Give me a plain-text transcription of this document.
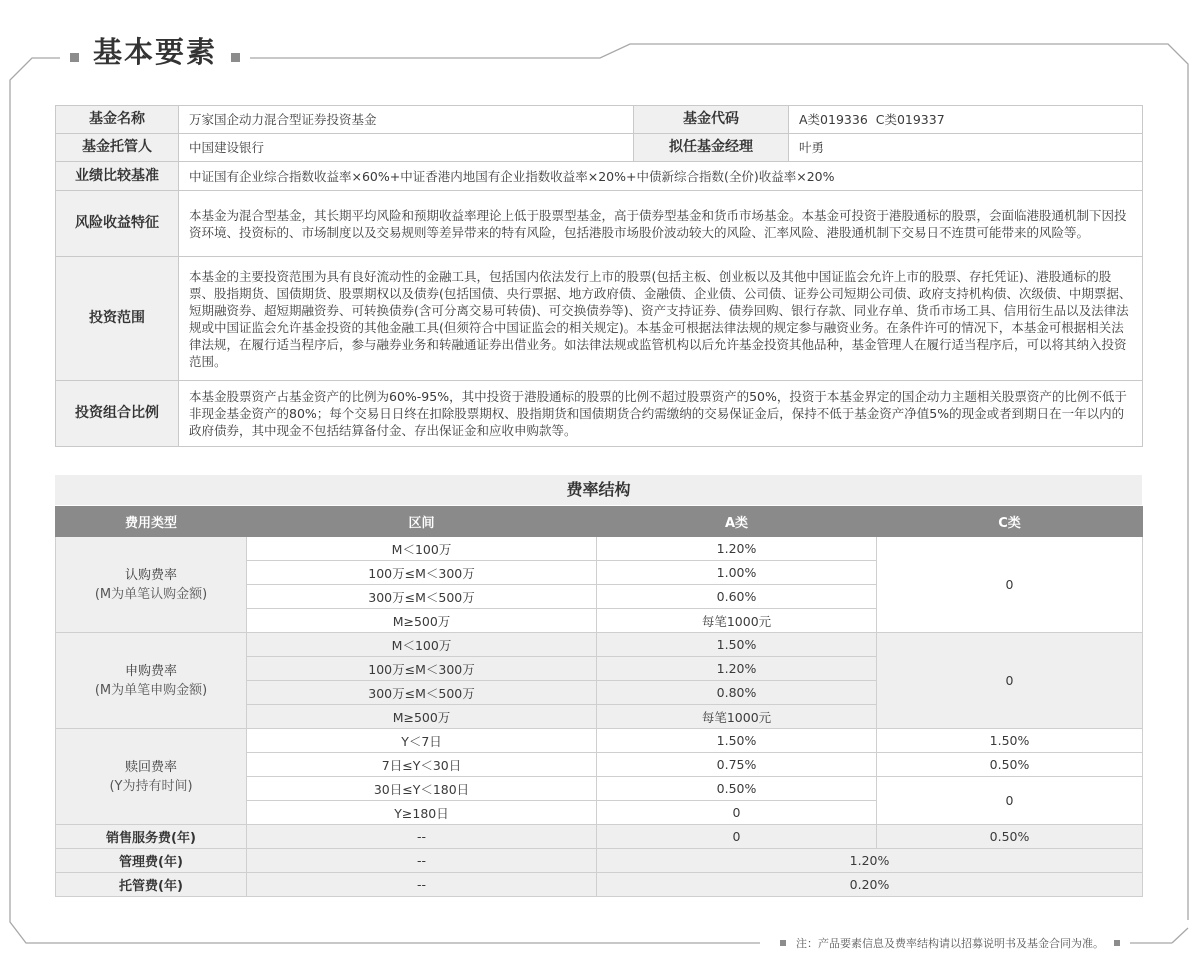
基本要素
基金名称	万家国企动力混合型证券投资基金	基金代码	A类019336  C类019337
基金托管人	中国建设银行	拟任基金经理	叶勇
业绩比较基准	中证国有企业综合指数收益率×60%+中证香港内地国有企业指数收益率×20%+中债新综合指数(全价)收益率×20%		
风险收益特征	本基金为混合型基金，其长期平均风险和预期收益率理论上低于股票型基金，高于债券型基金和货币市场基金。本基金可投资于港股通标的股票，会面临港股通机制下因投资环境、投资标的、市场制度以及交易规则等差异带来的特有风险，包括港股市场股价波动较大的风险、汇率风险、港股通机制下交易日不连贯可能带来的风险等。		
投资范围	本基金的主要投资范围为具有良好流动性的金融工具，包括国内依法发行上市的股票(包括主板、创业板以及其他中国证监会允许上市的股票、存托凭证)、港股通标的股票、股指期货、国债期货、股票期权以及债券(包括国债、央行票据、地方政府债、金融债、企业债、公司债、证券公司短期公司债、政府支持机构债、次级债、中期票据、短期融资券、超短期融资券、可转换债券(含可分离交易可转债)、可交换债券等)、资产支持证券、债券回购、银行存款、同业存单、货币市场工具、信用衍生品以及法律法规或中国证监会允许基金投资的其他金融工具(但须符合中国证监会的相关规定)。本基金可根据法律法规的规定参与融资业务。在条件许可的情况下，本基金可根据相关法律法规，在履行适当程序后，参与融券业务和转融通证券出借业务。如法律法规或监管机构以后允许基金投资其他品种，基金管理人在履行适当程序后，可以将其纳入投资范围。		
投资组合比例	本基金股票资产占基金资产的比例为60%-95%，其中投资于港股通标的股票的比例不超过股票资产的50%，投资于本基金界定的国企动力主题相关股票资产的比例不低于非现金基金资产的80%；每个交易日日终在扣除股票期权、股指期货和国债期货合约需缴纳的交易保证金后，保持不低于基金资产净值5%的现金或者到期日在一年以内的政府债券，其中现金不包括结算备付金、存出保证金和应收申购款等。		
费率结构
费用类型	区间	A类	C类

认购费率
(M为单笔认购金额)	M＜100万	1.20%	0
	100万≤M＜300万	1.00%	
	300万≤M＜500万	0.60%	
	M≥500万	每笔1000元	

申购费率
(M为单笔申购金额)	M＜100万	1.50%	0
	100万≤M＜300万	1.20%	
	300万≤M＜500万	0.80%	
	M≥500万	每笔1000元	

赎回费率
(Y为持有时间)	Y＜7日	1.50%	1.50%
	7日≤Y＜30日	0.75%	0.50%
	30日≤Y＜180日	0.50%	0
	Y≥180日	0	
销售服务费(年)	--	0	0.50%
管理费(年)	--	1.20%	
托管费(年)	--	0.20%	
注：产品要素信息及费率结构请以招募说明书及基金合同为准。
